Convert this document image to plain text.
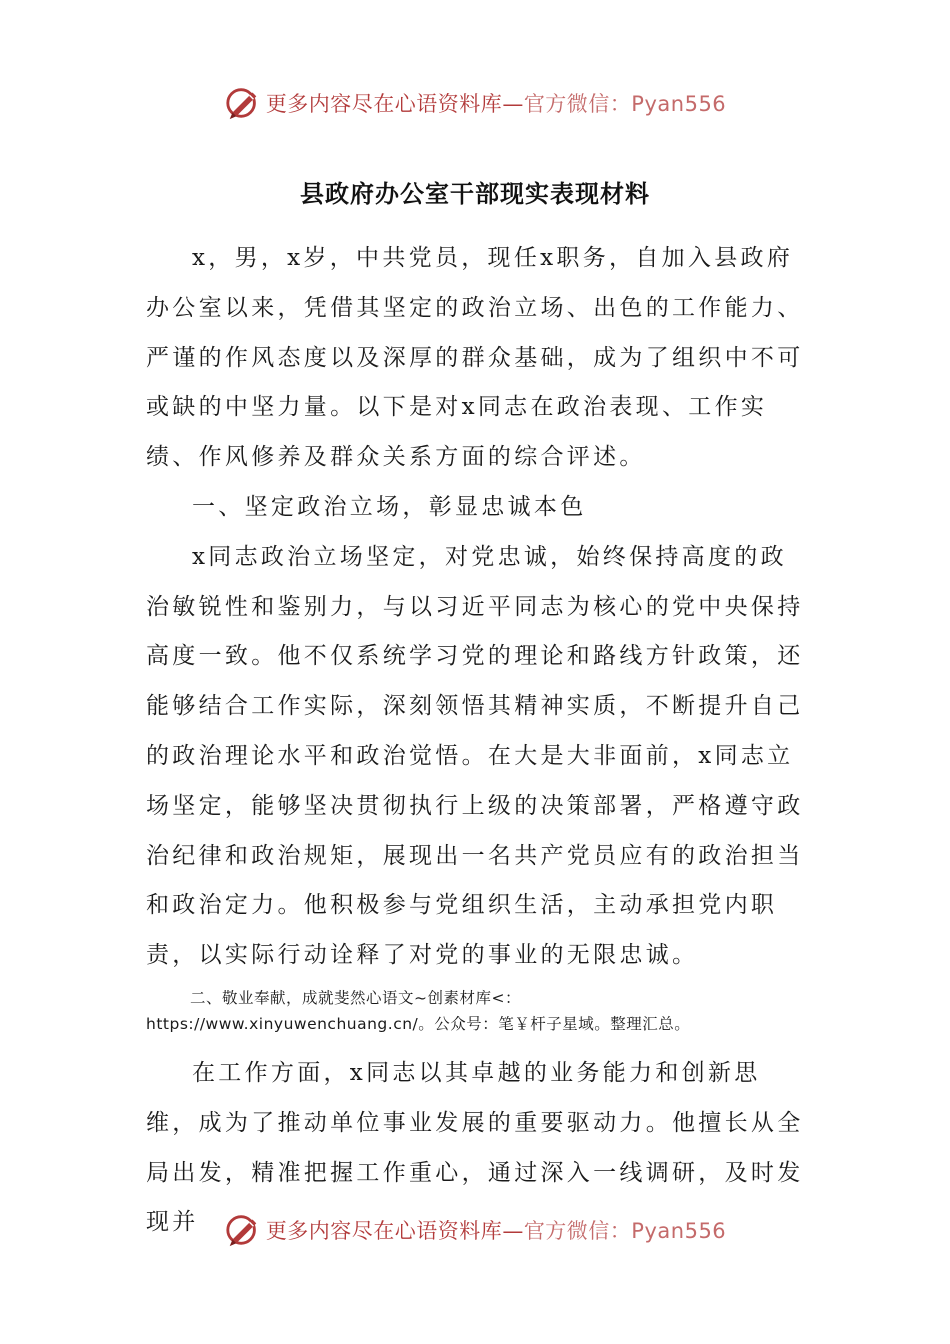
更多内容尽在心语资料库—官方微信：Pyan556
县政府办公室干部现实表现材料

x，男，x岁，中共党员，现任x职务，自加入县政府办公室以来，凭借其坚定的政治立场、出色的工作能力、严谨的作风态度以及深厚的群众基础，成为了组织中不可或缺的中坚力量。以下是对x同志在政治表现、工作实绩、作风修养及群众关系方面的综合评述。

一、坚定政治立场，彰显忠诚本色

x同志政治立场坚定，对党忠诚，始终保持高度的政治敏锐性和鉴别力，与以习近平同志为核心的党中央保持高度一致。他不仅系统学习党的理论和路线方针政策，还能够结合工作实际，深刻领悟其精神实质，不断提升自己的政治理论水平和政治觉悟。在大是大非面前，x同志立场坚定，能够坚决贯彻执行上级的决策部署，严格遵守政治纪律和政治规矩，展现出一名共产党员应有的政治担当和政治定力。他积极参与党组织生活，主动承担党内职责，以实际行动诠释了对党的事业的无限忠诚。

二、敬业奉献，成就斐然心语文~创素材库<：https://www.xinyuwenchuang.cn/。公众号：笔￥杆子星域。整理汇总。

在工作方面，x同志以其卓越的业务能力和创新思维，成为了推动单位事业发展的重要驱动力。他擅长从全局出发，精准把握工作重心，通过深入一线调研，及时发现并	更多内容尽在心语资料库—官方微信：Pyan556
